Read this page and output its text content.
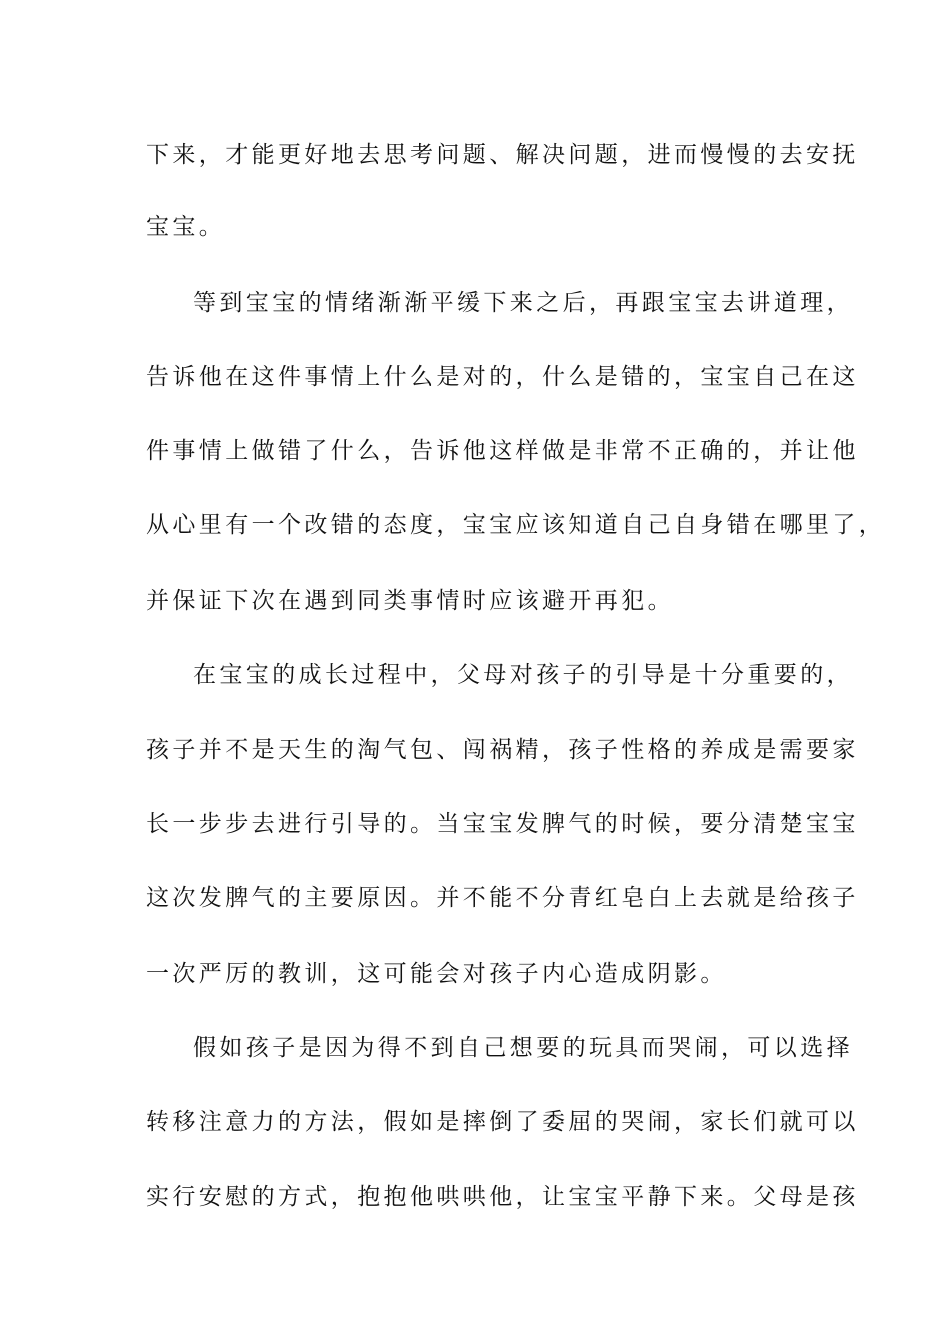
下来，才能更好地去思考问题、解决问题，进而慢慢的去安抚
宝宝。
等到宝宝的情绪渐渐平缓下来之后，再跟宝宝去讲道理，
告诉他在这件事情上什么是对的，什么是错的，宝宝自己在这
件事情上做错了什么，告诉他这样做是非常不正确的，并让他
从心里有一个改错的态度，宝宝应该知道自己自身错在哪里了，
并保证下次在遇到同类事情时应该避开再犯。
在宝宝的成长过程中，父母对孩子的引导是十分重要的，
孩子并不是天生的淘气包、闯祸精，孩子性格的养成是需要家
长一步步去进行引导的。当宝宝发脾气的时候，要分清楚宝宝
这次发脾气的主要原因。并不能不分青红皂白上去就是给孩子
一次严厉的教训，这可能会对孩子内心造成阴影。
假如孩子是因为得不到自己想要的玩具而哭闹，可以选择
转移注意力的方法，假如是摔倒了委屈的哭闹，家长们就可以
实行安慰的方式，抱抱他哄哄他，让宝宝平静下来。父母是孩
